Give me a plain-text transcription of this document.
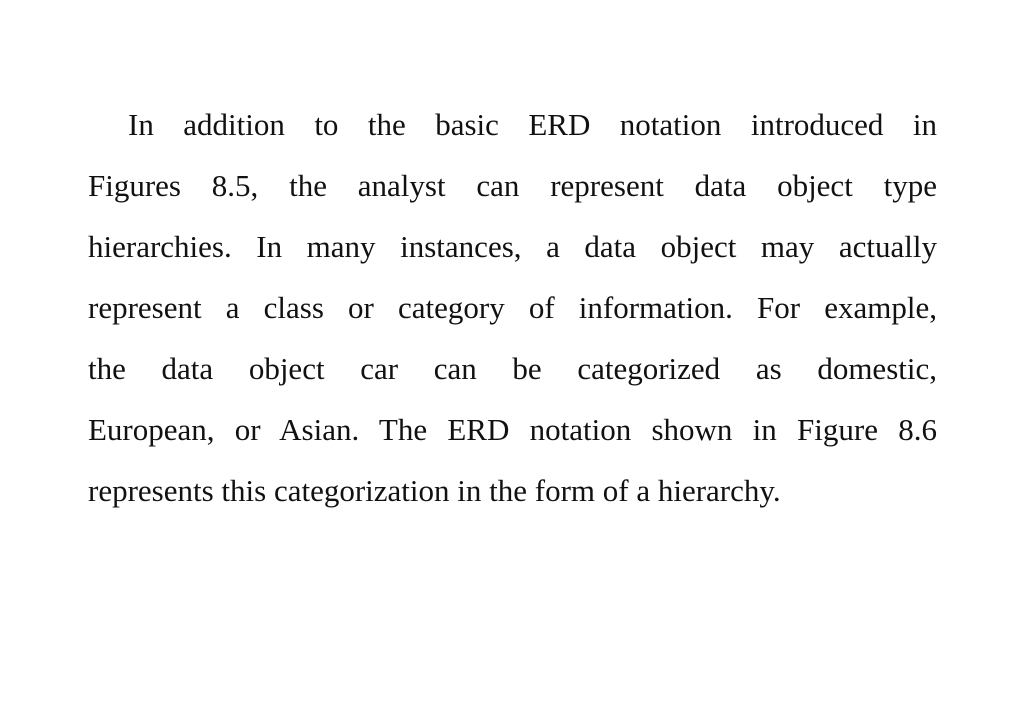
In addition to the basic ERD notation introduced in
Figures 8.5, the analyst can represent data object type
hierarchies. In many instances, a data object may actually
represent a class or category of information. For example,
the data object car can be categorized as domestic,
European, or Asian. The ERD notation shown in Figure 8.6
represents this categorization in the form of a hierarchy.
